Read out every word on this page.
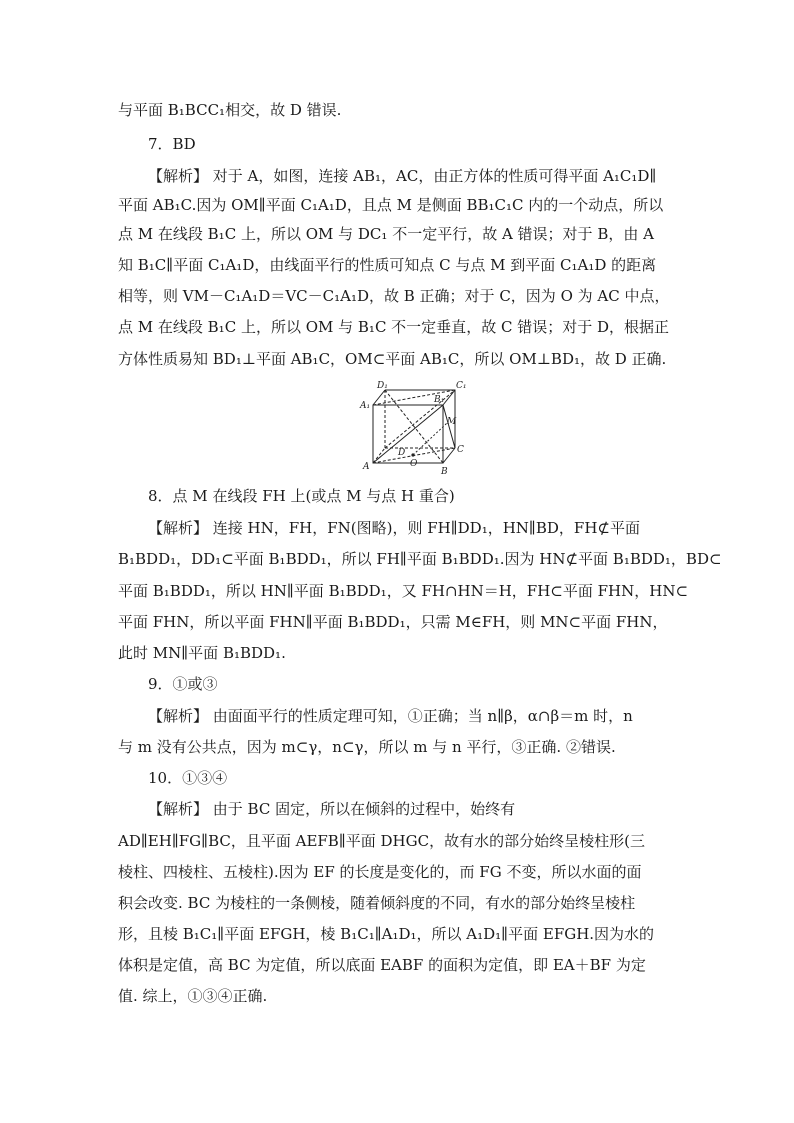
与平面 B₁BCC₁相交，故 D 错误.
7．BD
【解析】 对于 A，如图，连接 AB₁，AC，由正方体的性质可得平面 A₁C₁D∥
平面 AB₁C.因为 OM∥平面 C₁A₁D，且点 M 是侧面 BB₁C₁C 内的一个动点，所以
点 M 在线段 B₁C 上，所以 OM 与 DC₁ 不一定平行，故 A 错误；对于 B，由 A
知 B₁C∥平面 C₁A₁D，由线面平行的性质可知点 C 与点 M 到平面 C₁A₁D 的距离
相等，则 VM－C₁A₁D＝VC－C₁A₁D，故 B 正确；对于 C，因为 O 为 AC 中点，
点 M 在线段 B₁C 上，所以 OM 与 B₁C 不一定垂直，故 C 错误；对于 D，根据正
方体性质易知 BD₁⊥平面 AB₁C，OM⊂平面 AB₁C，所以 OM⊥BD₁，故 D 正确.
D₁	C₁
A₁
B₁
M
C
D
O
A	B
8．点 M 在线段 FH 上(或点 M 与点 H 重合)
【解析】 连接 HN，FH，FN(图略)，则 FH∥DD₁，HN∥BD，FH⊄平面
B₁BDD₁，DD₁⊂平面 B₁BDD₁，所以 FH∥平面 B₁BDD₁.因为 HN⊄平面 B₁BDD₁，BD⊂
平面 B₁BDD₁，所以 HN∥平面 B₁BDD₁，又 FH∩HN＝H，FH⊂平面 FHN，HN⊂
平面 FHN，所以平面 FHN∥平面 B₁BDD₁，只需 M∈FH，则 MN⊂平面 FHN，
此时 MN∥平面 B₁BDD₁.
9．①或③
【解析】 由面面平行的性质定理可知，①正确；当 n∥β，α∩β＝m 时，n
与 m 没有公共点，因为 m⊂γ，n⊂γ，所以 m 与 n 平行，③正确. ②错误.
10．①③④
【解析】 由于 BC 固定，所以在倾斜的过程中，始终有
AD∥EH∥FG∥BC，且平面 AEFB∥平面 DHGC，故有水的部分始终呈棱柱形(三
棱柱、四棱柱、五棱柱).因为 EF 的长度是变化的，而 FG 不变，所以水面的面
积会改变. BC 为棱柱的一条侧棱，随着倾斜度的不同，有水的部分始终呈棱柱
形，且棱 B₁C₁∥平面 EFGH，棱 B₁C₁∥A₁D₁，所以 A₁D₁∥平面 EFGH.因为水的
体积是定值，高 BC 为定值，所以底面 EABF 的面积为定值，即 EA＋BF 为定
值. 综上，①③④正确.
